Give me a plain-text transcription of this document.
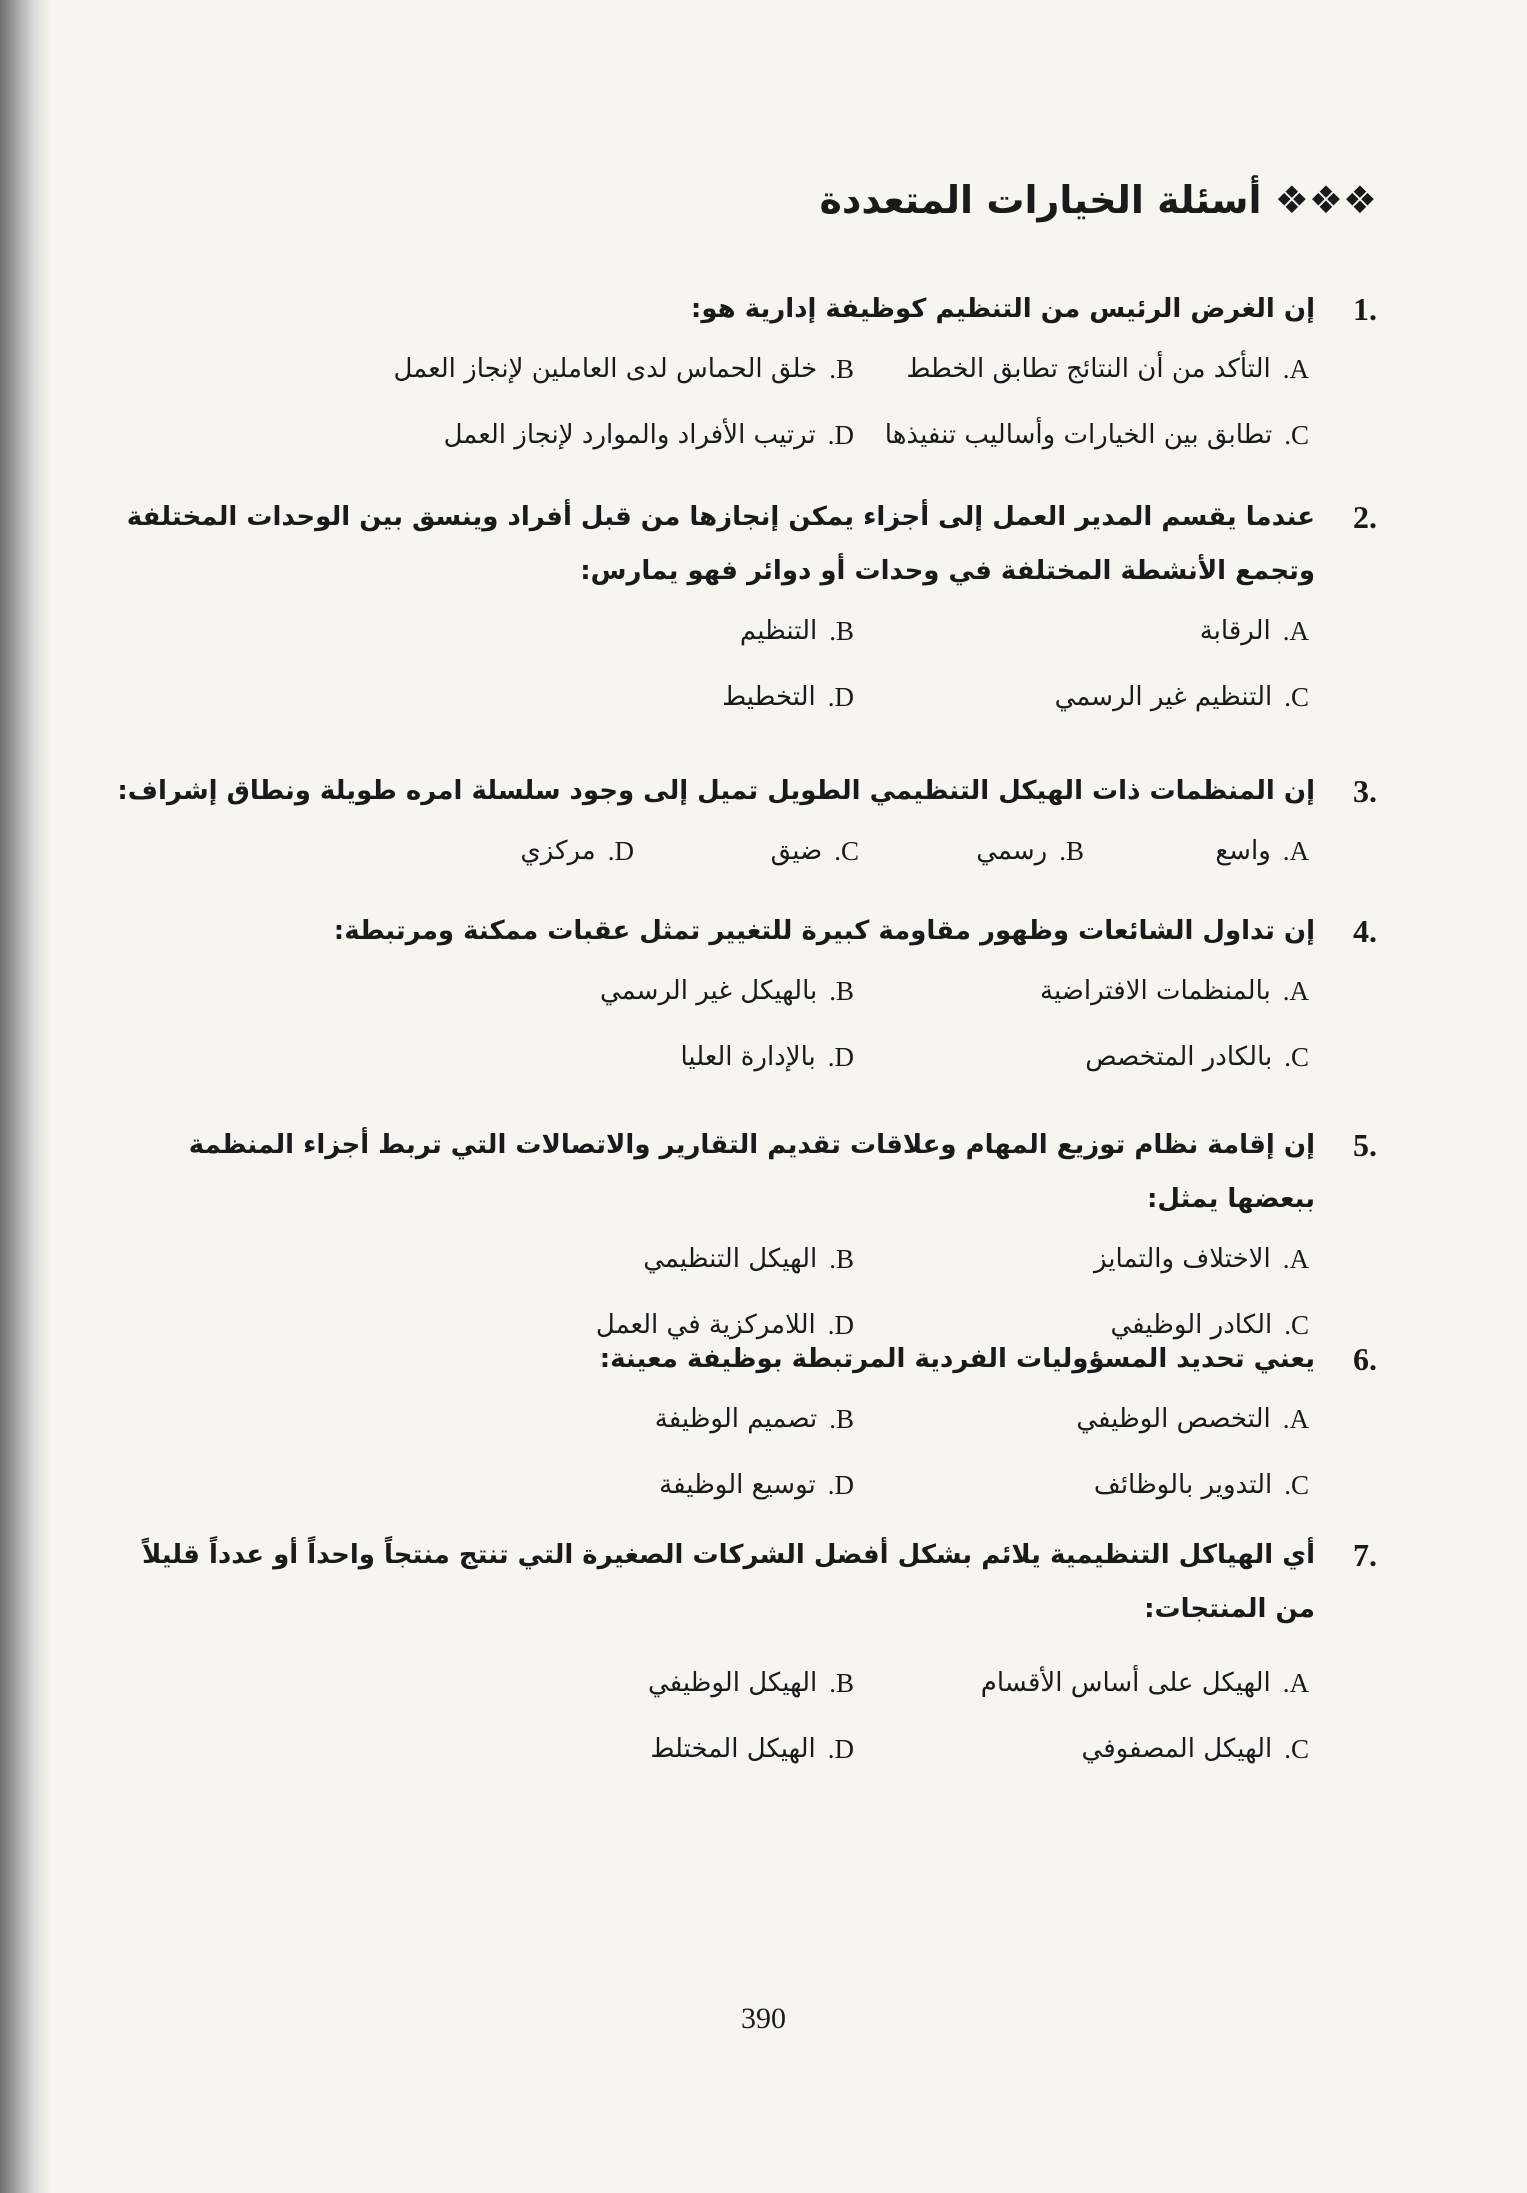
❖❖❖ أسئلة الخيارات المتعددة
1.
إن الغرض الرئيس من التنظيم كوظيفة إدارية هو:
A.
التأكد من أن النتائج تطابق الخطط
B.
خلق الحماس لدى العاملين لإنجاز العمل
C.
تطابق بين الخيارات وأساليب تنفيذها
D.
ترتيب الأفراد والموارد لإنجاز العمل
2.
عندما يقسم المدير العمل إلى أجزاء يمكن إنجازها من قبل أفراد وينسق بين الوحدات المختلفة وتجمع الأنشطة المختلفة في وحدات أو دوائر فهو يمارس:
A.
الرقابة
B.
التنظيم
C.
التنظيم غير الرسمي
D.
التخطيط
3.
إن المنظمات ذات الهيكل التنظيمي الطويل تميل إلى وجود سلسلة امره طويلة ونطاق إشراف:
A.
واسع
B.
رسمي
C.
ضيق
D.
مركزي
4.
إن تداول الشائعات وظهور مقاومة كبيرة للتغيير تمثل عقبات ممكنة ومرتبطة:
A.
بالمنظمات الافتراضية
B.
بالهيكل غير الرسمي
C.
بالكادر المتخصص
D.
بالإدارة العليا
5.
إن إقامة نظام توزيع المهام وعلاقات تقديم التقارير والاتصالات التي تربط أجزاء المنظمة ببعضها يمثل:
A.
الاختلاف والتمايز
B.
الهيكل التنظيمي
C.
الكادر الوظيفي
D.
اللامركزية في العمل
6.
يعني تحديد المسؤوليات الفردية المرتبطة بوظيفة معينة:
A.
التخصص الوظيفي
B.
تصميم الوظيفة
C.
التدوير بالوظائف
D.
توسيع الوظيفة
7.
أي الهياكل التنظيمية يلائم بشكل أفضل الشركات الصغيرة التي تنتج منتجاً واحداً أو عدداً قليلاً من المنتجات:
A.
الهيكل على أساس الأقسام
B.
الهيكل الوظيفي
C.
الهيكل المصفوفي
D.
الهيكل المختلط
390
